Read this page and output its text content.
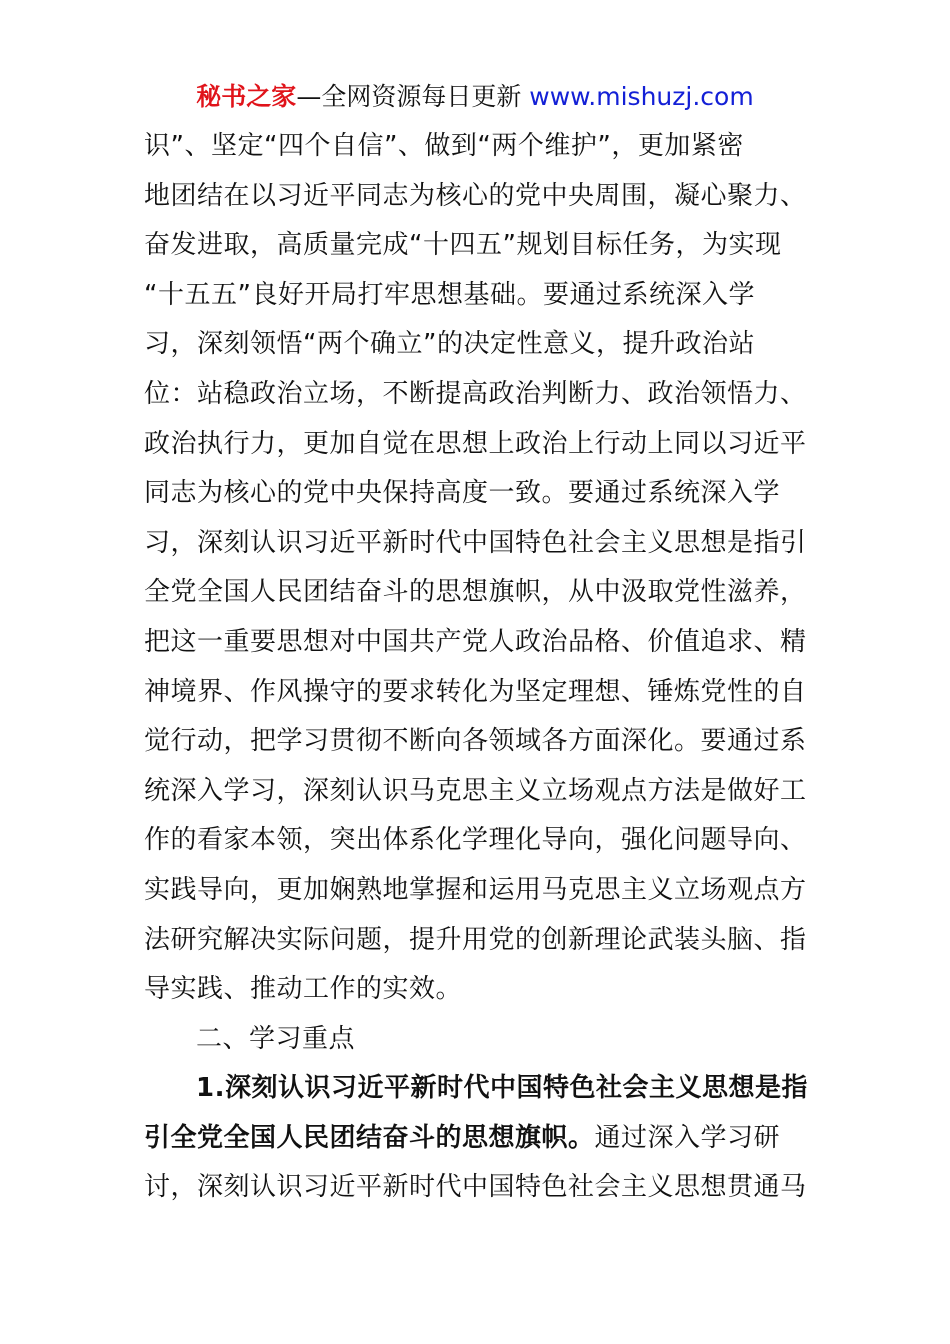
秘书之家—全网资源每日更新 www.mishuzj.com
识”、坚定“四个自信”、做到“两个维护”，更加紧密
地团结在以习近平同志为核心的党中央周围，凝心聚力、
奋发进取，高质量完成“十四五”规划目标任务，为实现
“十五五”良好开局打牢思想基础。要通过系统深入学
习，深刻领悟“两个确立”的决定性意义，提升政治站
位：站稳政治立场，不断提高政治判断力、政治领悟力、
政治执行力，更加自觉在思想上政治上行动上同以习近平
同志为核心的党中央保持高度一致。要通过系统深入学
习，深刻认识习近平新时代中国特色社会主义思想是指引
全党全国人民团结奋斗的思想旗帜，从中汲取党性滋养，
把这一重要思想对中国共产党人政治品格、价值追求、精
神境界、作风操守的要求转化为坚定理想、锤炼党性的自
觉行动，把学习贯彻不断向各领域各方面深化。要通过系
统深入学习，深刻认识马克思主义立场观点方法是做好工
作的看家本领，突出体系化学理化导向，强化问题导向、
实践导向，更加娴熟地掌握和运用马克思主义立场观点方
法研究解决实际问题，提升用党的创新理论武装头脑、指
导实践、推动工作的实效。
二、学习重点
1.深刻认识习近平新时代中国特色社会主义思想是指
引全党全国人民团结奋斗的思想旗帜。通过深入学习研
讨，深刻认识习近平新时代中国特色社会主义思想贯通马
